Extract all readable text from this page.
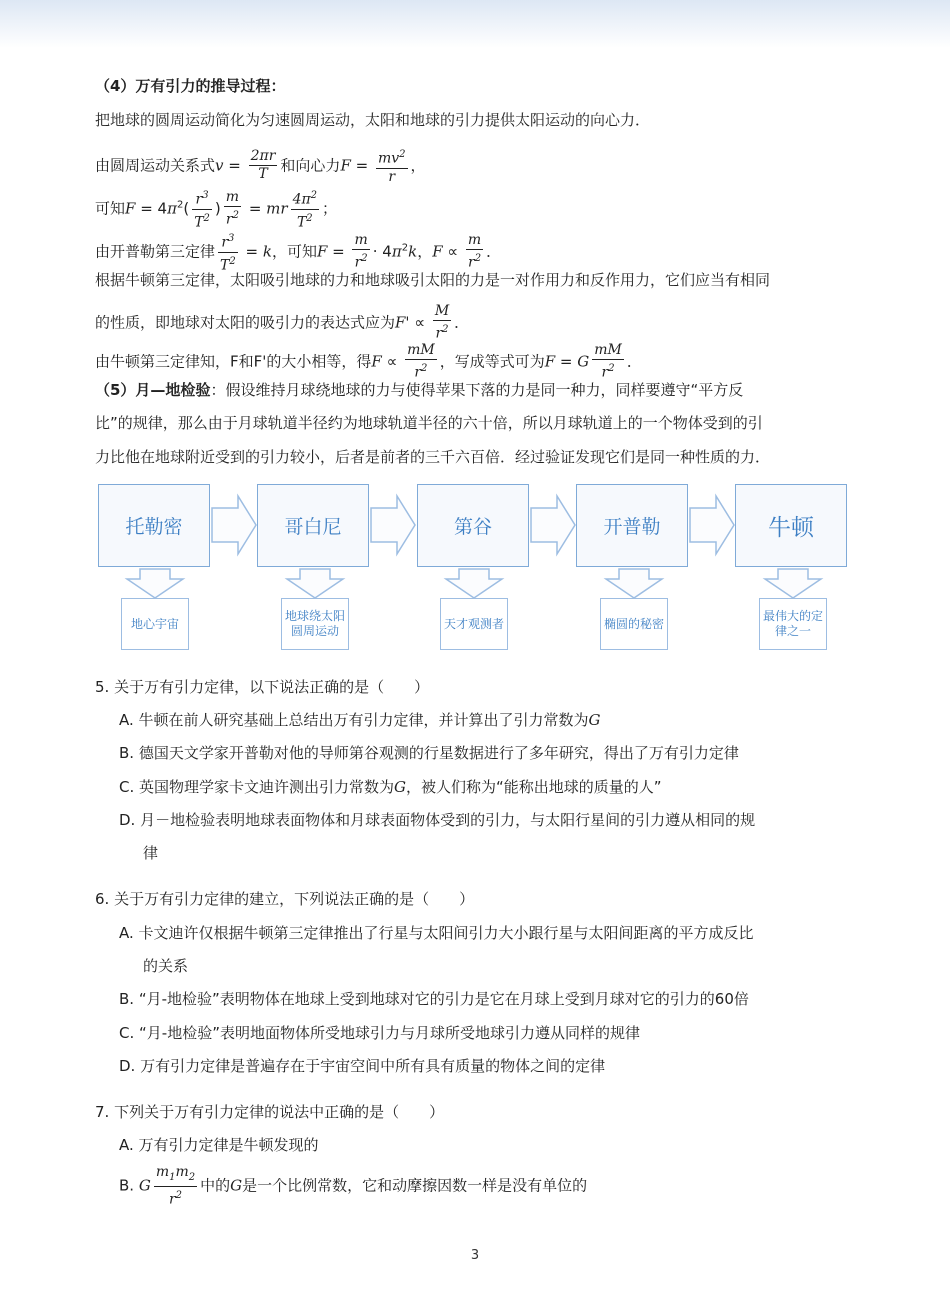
（4）万有引力的推导过程：
把地球的圆周运动简化为匀速圆周运动，太阳和地球的引力提供太阳运动的向心力．
由圆周运动关系式$v = \frac{2\pi r}{T}$ 和向心力$F = \frac{mv^2}{r}$ ，
可知$F = 4\pi^2( \frac{r^3}{T^2}$ ) $\frac{m}{r^2}$ = mr $\frac{4\pi^2}{T^2}$ ；
由开普勒第三定律 $\frac{r^3}{T^2} = k$，可知$F = \frac{m}{r^2} \cdot 4\pi^2k$，$F \propto \frac{m}{r^2}$ ．
根据牛顿第三定律，太阳吸引地球的力和地球吸引太阳的力是一对作用力和反作用力，它们应当有相同
的性质，即地球对太阳的吸引力的表达式应为$F' \propto \frac{M}{r^2}$ ．
由牛顿第三定律知，F和F'的大小相等，得$F \propto \frac{mM}{r^2}$ ，写成等式可为F = G $\frac{mM}{r^2}$ ．
（5）月—地检验：假设维持月球绕地球的力与使得苹果下落的力是同一种力，同样要遵守“平方反
比”的规律，那么由于月球轨道半径约为地球轨道半径的六十倍，所以月球轨道上的一个物体受到的引
力比他在地球附近受到的引力较小，后者是前者的三千六百倍．经过验证发现它们是同一种性质的力．
托勒密	哥白尼	第谷	开普勒	牛顿
地心宇宙
地球绕太阳圆周运动
天才观测者	椭圆的秘密
最伟大的定律之一
5. 关于万有引力定律，以下说法正确的是（　　）
A. 牛顿在前人研究基础上总结出万有引力定律，并计算出了引力常数为G
B. 德国天文学家开普勒对他的导师第谷观测的行星数据进行了多年研究，得出了万有引力定律
C. 英国物理学家卡文迪许测出引力常数为G，被人们称为“能称出地球的质量的人”
D. 月－地检验表明地球表面物体和月球表面物体受到的引力，与太阳行星间的引力遵从相同的规
律
6. 关于万有引力定律的建立，下列说法正确的是（　　）
A. 卡文迪许仅根据牛顿第三定律推出了行星与太阳间引力大小跟行星与太阳间距离的平方成反比
的关系
B. “月-地检验”表明物体在地球上受到地球对它的引力是它在月球上受到月球对它的引力的60倍
C. “月-地检验”表明地面物体所受地球引力与月球所受地球引力遵从同样的规律
D. 万有引力定律是普遍存在于宇宙空间中所有具有质量的物体之间的定律
7. 下列关于万有引力定律的说法中正确的是（　　）
A. 万有引力定律是牛顿发现的
B. G $\frac{m_1m_2}{r^2}$ 中的G是一个比例常数，它和动摩擦因数一样是没有单位的
3
